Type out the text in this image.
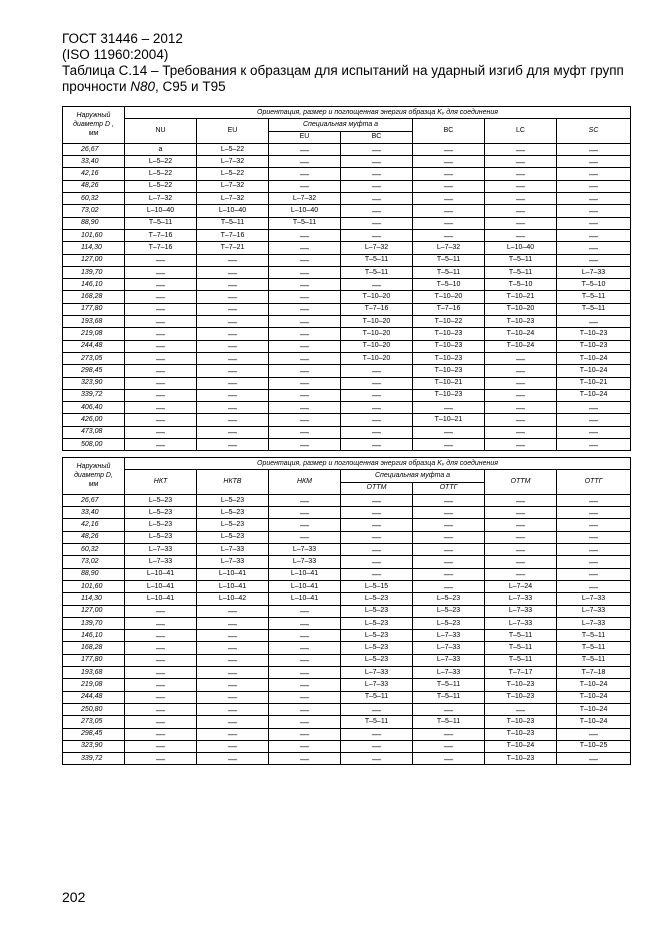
ГОСТ 31446 – 2012
(ISO 11960:2004)
Таблица С.14 – Требования к образцам для испытаний на ударный изгиб для муфт групп
прочности N80, С95 и Т95
Наружный диаметр D , мм	Ориентация, размер и поглощенная энергия образца Kᵥ для соединения						
	NU	EU	Специальная муфта a		BC	LC	SC
			EU	BC			
26,67	a	L–5–22	—	—	—	—	—
33,40	L–5–22	L–7–32	—	—	—	—	—
42,16	L–5–22	L–5–22	—	—	—	—	—
48,26	L–5–22	L–7–32	—	—	—	—	—
60,32	L–7–32	L–7–32	L–7–32	—	—	—	—
73,02	L–10–40	L–10–40	L–10–40	—	—	—	—
88,90	T–5–11	T–5–11	T–5–11	—	—	—	—
101,60	T–7–16	T–7–16	—	—	—	—	—
114,30	T–7–16	T–7–21	—	L–7–32	L–7–32	L–10–40	—
127,00	—	—	—	T–5–11	T–5–11	T–5–11	—
139,70	—	—	—	T–5–11	T–5–11	T–5–11	L–7–33
146,10	—	—	—	—	T–5–10	T–5–10	T–5–10
168,28	—	—	—	T–10–20	T–10–20	T–10–21	T–5–11
177,80	—	—	—	T–7–16	T–7–16	T–10–20	T–5–11
193,68	—	—	—	T–10–20	T–10–22	T–10–23	—
219,08	—	—	—	T–10–20	T–10–23	T–10–24	T–10–23
244,48	—	—	—	T–10–20	T–10–23	T–10–24	T–10–23
273,05	—	—	—	T–10–20	T–10–23	—	T–10–24
298,45	—	—	—	—	T–10–23	—	T–10–24
323,90	—	—	—	—	T–10–21	—	T–10–21
339,72	—	—	—	—	T–10–23	—	T–10–24
406,40	—	—	—	—	—	—	—
426,00	—	—	—	—	T–10–21	—	—
473,08	—	—	—	—	—	—	—
508,00	—	—	—	—	—	—	—
Наружный диаметр D, мм	Ориентация, размер и поглощенная энергия образца Kᵥ для соединения						
	НКТ	НКТВ	НКМ	Специальная муфта a		ОТТМ	ОТТГ
				ОТТМ	ОТТГ		
26,67	L–5–23	L–5–23	—	—	—	—	—
33,40	L–5–23	L–5–23	—	—	—	—	—
42,16	L–5–23	L–5–23	—	—	—	—	—
48,26	L–5–23	L–5–23	—	—	—	—	—
60,32	L–7–33	L–7–33	L–7–33	—	—	—	—
73,02	L–7–33	L–7–33	L–7–33	—	—	—	—
88,90	L–10–41	L–10–41	L–10–41	—	—	—	—
101,60	L–10–41	L–10–41	L–10–41	L–5–15	—	L–7–24	—
114,30	L–10–41	L–10–42	L–10–41	L–5–23	L–5–23	L–7–33	L–7–33
127,00	—	—	—	L–5–23	L–5–23	L–7–33	L–7–33
139,70	—	—	—	L–5–23	L–5–23	L–7–33	L–7–33
146,10	—	—	—	L–5–23	L–7–33	T–5–11	T–5–11
168,28	—	—	—	L–5–23	L–7–33	T–5–11	T–5–11
177,80	—	—	—	L–5–23	L–7–33	T–5–11	T–5–11
193,68	—	—	—	L–7–33	L–7–33	T–7–17	T–7–18
219,08	—	—	—	L–7–33	T–5–11	T–10–23	T–10–24
244,48	—	—	—	T–5–11	T–5–11	T–10–23	T–10–24
250,80	—	—	—	—	—	—	T–10–24
273,05	—	—	—	T–5–11	T–5–11	T–10–23	T–10–24
298,45	—	—	—	—	—	T–10–23	—
323,90	—	—	—	—	—	T–10–24	T–10–25
339,72	—	—	—	—	—	T–10–23	—
202
